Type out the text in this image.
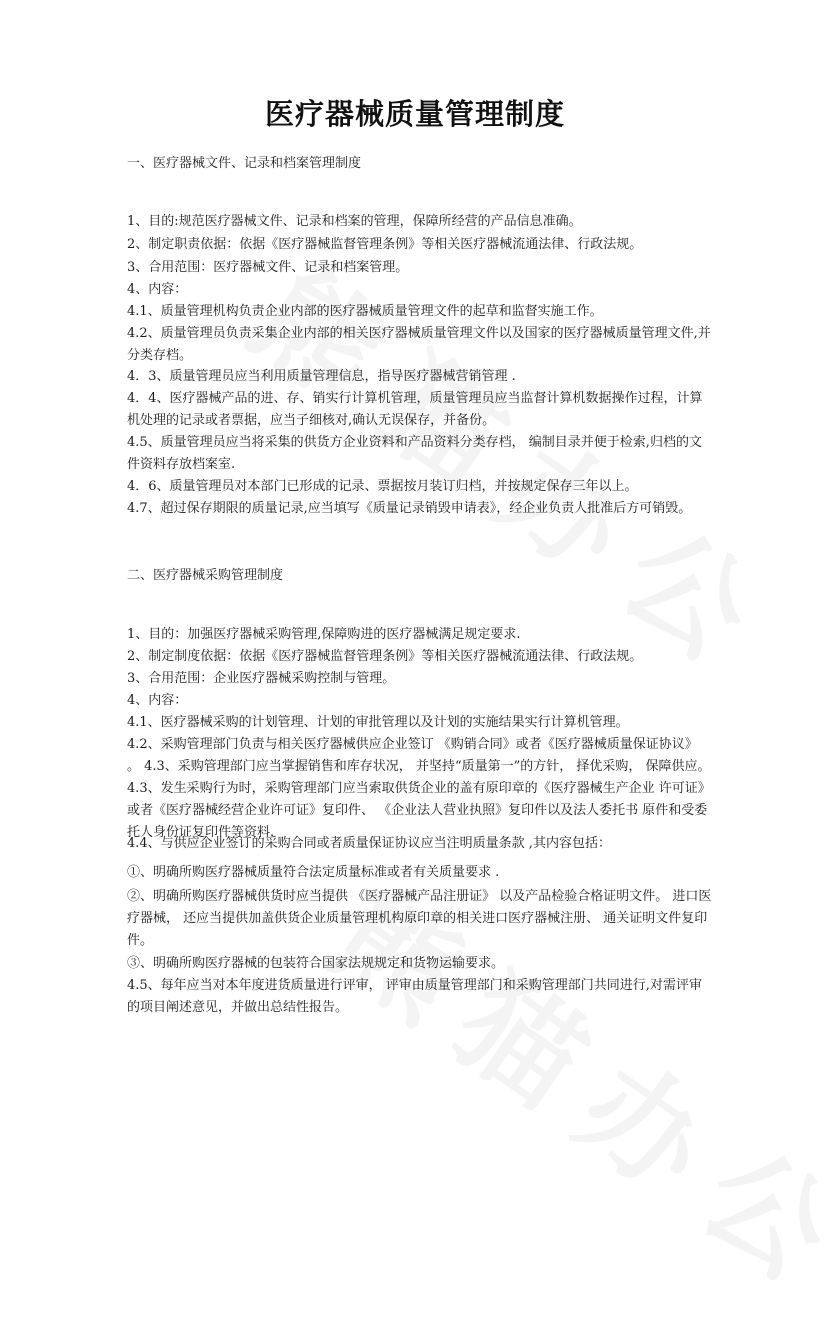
医疗器械质量管理制度
一、医疗器械文件、记录和档案管理制度
1、目的:规范医疗器械文件、记录和档案的管理，保障所经营的产品信息准确。
2、制定职责依据：依据《医疗器械监督管理条例》等相关医疗器械流通法律、行政法规。
3、合用范围：医疗器械文件、记录和档案管理。
4、内容：
4.1、质量管理机构负责企业内部的医疗器械质量管理文件的起草和监督实施工作。
4.2、质量管理员负责采集企业内部的相关医疗器械质量管理文件以及国家的医疗器械质量管理文件,并分类存档。
4．3、质量管理员应当利用质量管理信息，指导医疗器械营销管理 .
4．4、医疗器械产品的进、存、销实行计算机管理，质量管理员应当监督计算机数据操作过程，计算机处理的记录或者票据，应当子细核对,确认无误保存，并备份。
4.5、质量管理员应当将采集的供货方企业资料和产品资料分类存档， 编制目录并便于检索,归档的文件资料存放档案室.
4．6、质量管理员对本部门已形成的记录、票据按月装订归档，并按规定保存三年以上。
4.7、超过保存期限的质量记录,应当填写《质量记录销毁申请表》，经企业负责人批准后方可销毁。
二、医疗器械采购管理制度
1、目的：加强医疗器械采购管理,保障购进的医疗器械满足规定要求.
2、制定制度依据：依据《医疗器械监督管理条例》等相关医疗器械流通法律、行政法规。
3、合用范围：企业医疗器械采购控制与管理。
4、内容：
4.1、医疗器械采购的计划管理、计划的审批管理以及计划的实施结果实行计算机管理。
4.2、采购管理部门负责与相关医疗器械供应企业签订 《购销合同》或者《医疗器械质量保证协议》 。 4.3、采购管理部门应当掌握销售和库存状况， 并坚持“质量第一”的方针， 择优采购， 保障供应。 4.3、发生采购行为时，采购管理部门应当索取供货企业的盖有原印章的《医疗器械生产企业 许可证》或者《医疗器械经营企业许可证》复印件、 《企业法人营业执照》复印件以及法人委托书 原件和受委托人身份证复印件等资料.
4.4、与供应企业签订的采购合同或者质量保证协议应当注明质量条款 ,其内容包括：
①、明确所购医疗器械质量符合法定质量标准或者有关质量要求 .
②、明确所购医疗器械供货时应当提供 《医疗器械产品注册证》 以及产品检验合格证明文件。 进口医疗器械， 还应当提供加盖供货企业质量管理机构原印章的相关进口医疗器械注册、 通关证明文件复印件。
③、明确所购医疗器械的包装符合国家法规规定和货物运输要求。
4.5、每年应当对本年度进货质量进行评审， 评审由质量管理部门和采购管理部门共同进行,对需评审的项目阐述意见，并做出总结性报告。
